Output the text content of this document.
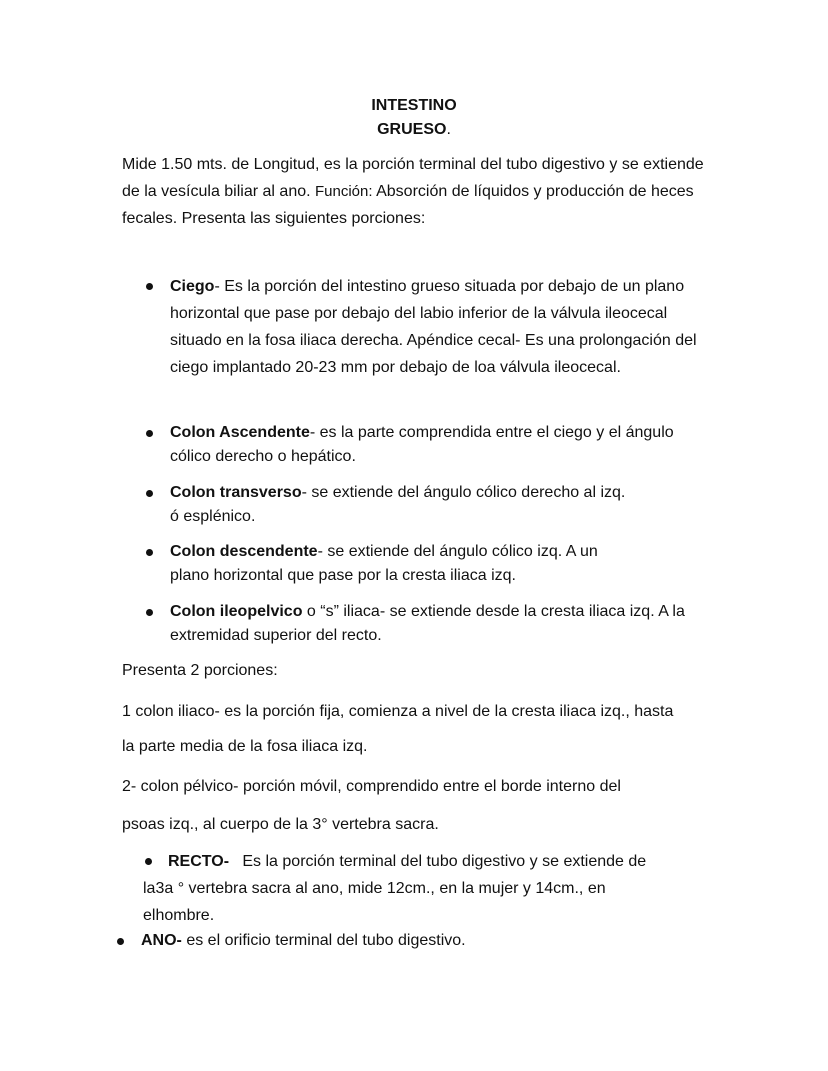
INTESTINO
GRUESO.

Mide 1.50 mts. de Longitud, es la porción terminal del tubo digestivo y se extiende de la vesícula biliar al ano. Función: Absorción de líquidos y producción de heces fecales. Presenta las siguientes porciones:

Ciego- Es la porción del intestino grueso situada por debajo de un plano horizontal que pase por debajo del labio inferior de la válvula ileocecal situado en la fosa iliaca derecha. Apéndice cecal- Es una prolongación del ciego implantado 20-23 mm por debajo de loa válvula ileocecal.

Colon Ascendente- es la parte comprendida entre el ciego y el ángulo cólico derecho o hepático.

Colon transverso- se extiende del ángulo cólico derecho al izq.
ó esplénico.

Colon descendente- se extiende del ángulo cólico izq. A un
plano horizontal que pase por la cresta iliaca izq.

Colon ileopelvico o “s” iliaca- se extiende desde la cresta iliaca izq. A la extremidad superior del recto.

Presenta 2 porciones:

1 colon iliaco- es la porción fija, comienza a nivel de la cresta iliaca izq., hasta

la parte media de la fosa iliaca izq.

2- colon pélvico- porción móvil, comprendido entre el borde interno del

psoas izq., al cuerpo de la 3° vertebra sacra.

RECTO-   Es la porción terminal del tubo digestivo y se extiende de

la3a ° vertebra sacra al ano, mide 12cm., en la mujer y 14cm., en

elhombre.

ANO- es el orificio terminal del tubo digestivo.
